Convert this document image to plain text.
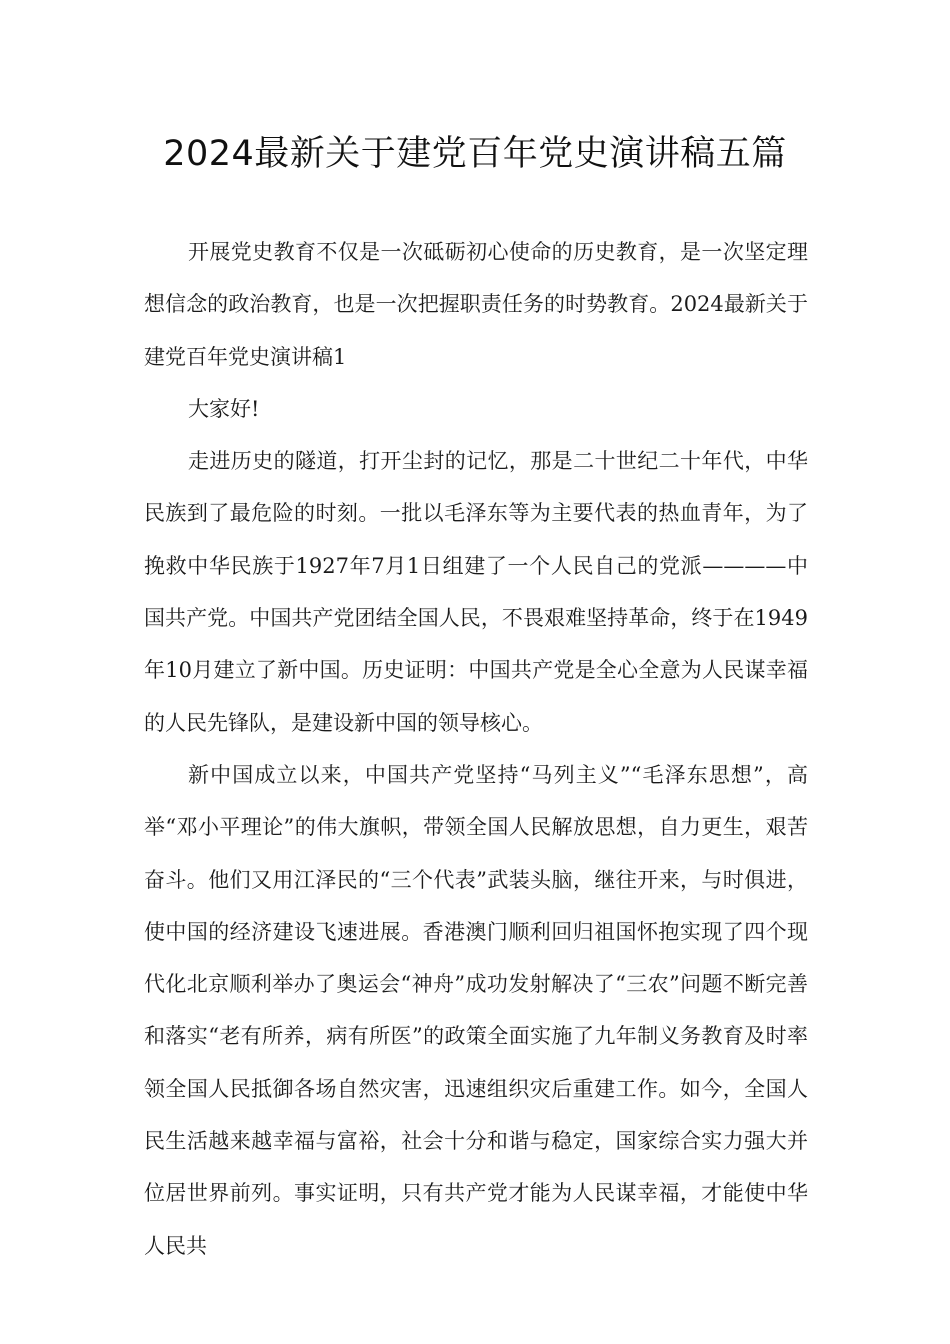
2024最新关于建党百年党史演讲稿五篇

开展党史教育不仅是一次砥砺初心使命的历史教育，是一次坚定理想信念的政治教育，也是一次把握职责任务的时势教育。2024最新关于建党百年党史演讲稿1

大家好!

走进历史的隧道，打开尘封的记忆，那是二十世纪二十年代，中华民族到了最危险的时刻。一批以毛泽东等为主要代表的热血青年，为了挽救中华民族于1927年7月1日组建了一个人民自己的党派————中国共产党。中国共产党团结全国人民，不畏艰难坚持革命，终于在1949年10月建立了新中国。历史证明：中国共产党是全心全意为人民谋幸福的人民先锋队，是建设新中国的领导核心。

新中国成立以来，中国共产党坚持“马列主义”“毛泽东思想”，高举“邓小平理论”的伟大旗帜，带领全国人民解放思想，自力更生，艰苦奋斗。他们又用江泽民的“三个代表”武装头脑，继往开来，与时俱进，使中国的经济建设飞速进展。香港澳门顺利回归祖国怀抱实现了四个现代化北京顺利举办了奥运会“神舟”成功发射解决了“三农”问题不断完善和落实“老有所养，病有所医”的政策全面实施了九年制义务教育及时率领全国人民抵御各场自然灾害，迅速组织灾后重建工作。如今，全国人民生活越来越幸福与富裕，社会十分和谐与稳定，国家综合实力强大并位居世界前列。事实证明，只有共产党才能为人民谋幸福，才能使中华人民共
